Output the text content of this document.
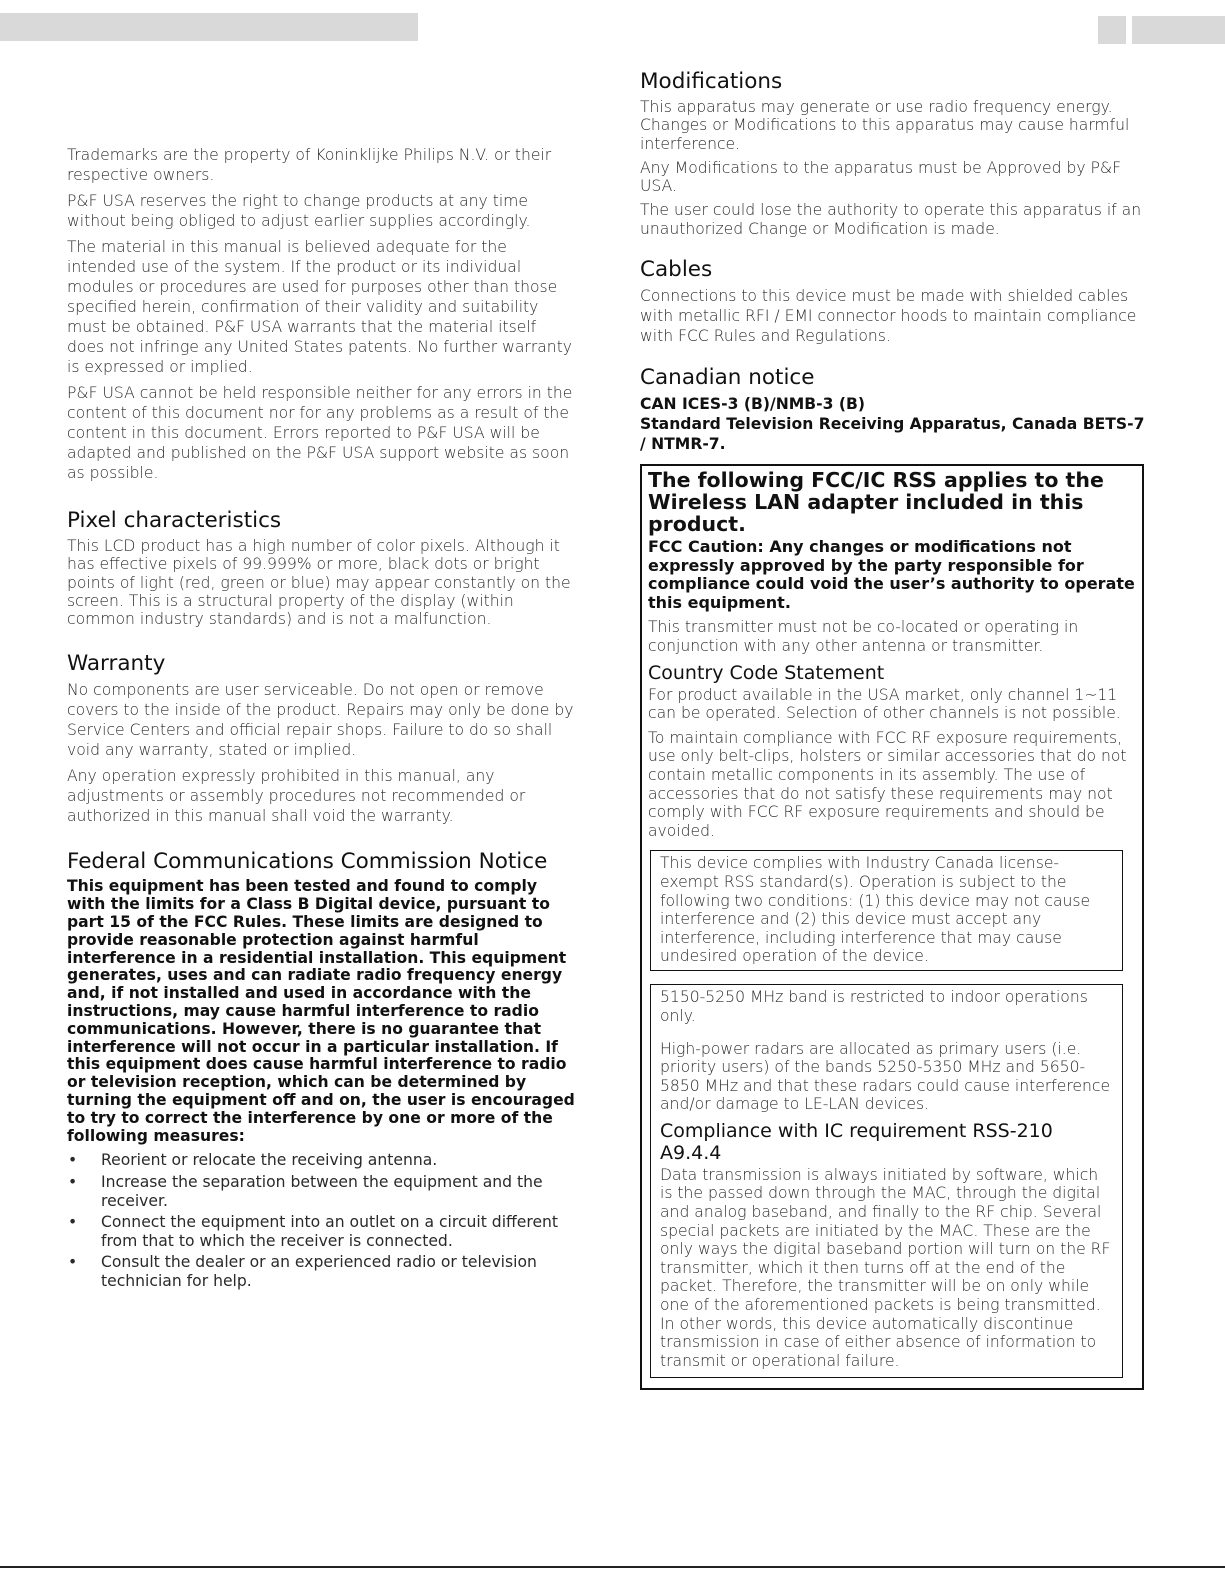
Trademarks are the property of Koninklijke Philips N.V. or their respective owners.

P&F USA reserves the right to change products at any time without being obliged to adjust earlier supplies accordingly.

The material in this manual is believed adequate for the intended use of the system. If the product or its individual modules or procedures are used for purposes other than those specified herein, confirmation of their validity and suitability must be obtained. P&F USA warrants that the material itself does not infringe any United States patents. No further warranty is expressed or implied.

P&F USA cannot be held responsible neither for any errors in the content of this document nor for any problems as a result of the content in this document. Errors reported to P&F USA will be adapted and published on the P&F USA support website as soon as possible.

Pixel characteristics

This LCD product has a high number of color pixels. Although it has effective pixels of 99.999% or more, black dots or bright points of light (red, green or blue) may appear constantly on the screen. This is a structural property of the display (within common industry standards) and is not a malfunction.

Warranty

No components are user serviceable. Do not open or remove covers to the inside of the product. Repairs may only be done by Service Centers and official repair shops. Failure to do so shall void any warranty, stated or implied.

Any operation expressly prohibited in this manual, any adjustments or assembly procedures not recommended or authorized in this manual shall void the warranty.

Federal Communications Commission Notice

This equipment has been tested and found to comply with the limits for a Class B Digital device, pursuant to part 15 of the FCC Rules. These limits are designed to provide reasonable protection against harmful interference in a residential installation. This equipment generates, uses and can radiate radio frequency energy and, if not installed and used in accordance with the instructions, may cause harmful interference to radio communications. However, there is no guarantee that interference will not occur in a particular installation. If this equipment does cause harmful interference to radio or television reception, which can be determined by turning the equipment off and on, the user is encouraged to try to correct the interference by one or more of the following measures:

• Reorient or relocate the receiving antenna.
• Increase the separation between the equipment and the receiver.
• Connect the equipment into an outlet on a circuit different from that to which the receiver is connected.
• Consult the dealer or an experienced radio or television technician for help.
Modifications

This apparatus may generate or use radio frequency energy. Changes or Modifications to this apparatus may cause harmful interference.

Any Modifications to the apparatus must be Approved by P&F USA.

The user could lose the authority to operate this apparatus if an unauthorized Change or Modification is made.

Cables

Connections to this device must be made with shielded cables with metallic RFI / EMI connector hoods to maintain compliance with FCC Rules and Regulations.

Canadian notice

CAN ICES-3 (B)/NMB-3 (B)

Standard Television Receiving Apparatus, Canada BETS-7 / NTMR-7.

The following FCC/IC RSS applies to the Wireless LAN adapter included in this product.
FCC Caution: Any changes or modifications not expressly approved by the party responsible for compliance could void the user’s authority to operate this equipment.

This transmitter must not be co-located or operating in conjunction with any other antenna or transmitter.

Country Code Statement

For product available in the USA market, only channel 1~11 can be operated. Selection of other channels is not possible.

To maintain compliance with FCC RF exposure requirements, use only belt-clips, holsters or similar accessories that do not contain metallic components in its assembly. The use of accessories that do not satisfy these requirements may not comply with FCC RF exposure requirements and should be avoided.

This device complies with Industry Canada license-exempt RSS standard(s). Operation is subject to the following two conditions: (1) this device may not cause interference and (2) this device must accept any interference, including interference that may cause undesired operation of the device.

5150-5250 MHz band is restricted to indoor operations only.

High-power radars are allocated as primary users (i.e. priority users) of the bands 5250-5350 MHz and 5650-5850 MHz and that these radars could cause interference and/or damage to LE-LAN devices.

Compliance with IC requirement RSS-210 A9.4.4

Data transmission is always initiated by software, which is the passed down through the MAC, through the digital and analog baseband, and finally to the RF chip. Several special packets are initiated by the MAC. These are the only ways the digital baseband portion will turn on the RF transmitter, which it then turns off at the end of the packet. Therefore, the transmitter will be on only while one of the aforementioned packets is being transmitted. In other words, this device automatically discontinue transmission in case of either absence of information to transmit or operational failure.
